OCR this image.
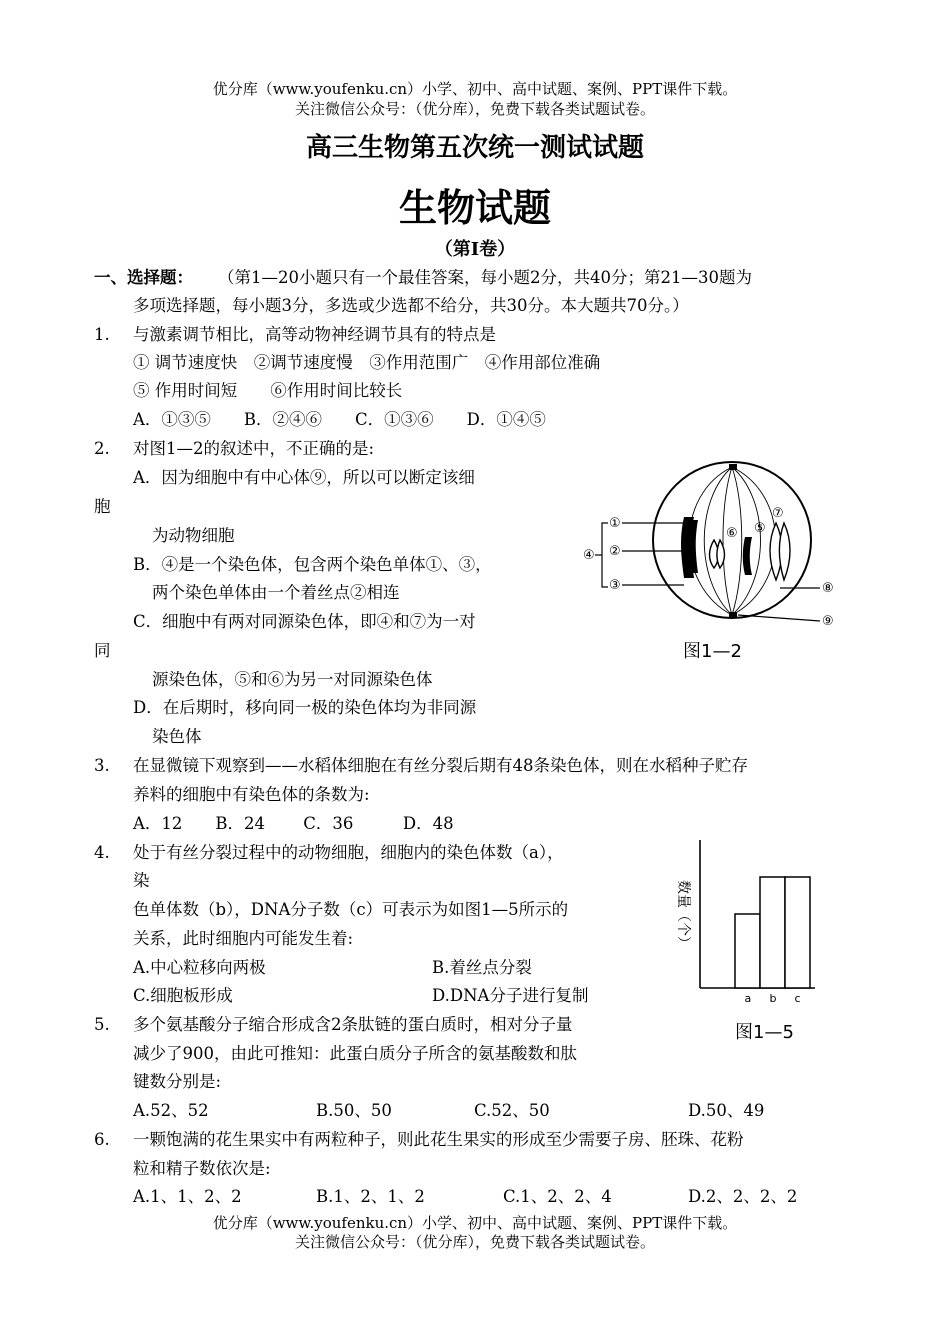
优分库（www.youfenku.cn）小学、初中、高中试题、案例、PPT课件下载。
关注微信公众号：（优分库），免费下载各类试题试卷。
高三生物第五次统一测试试题
生物试题
（第Ⅰ卷）
一、选择题： （第1—20小题只有一个最佳答案，每小题2分，共40分；第21—30题为
多项选择题，每小题3分，多选或少选都不给分，共30分。本大题共70分。）
1. 与激素调节相比，高等动物神经调节具有的特点是
① 调节速度快　②调节速度慢　③作用范围广　④作用部位准确
⑤ 作用时间短　　⑥作用时间比较长
A．①③⑤　　B．②④⑥　　C．①③⑥　　D．①④⑤
2. 对图1—2的叙述中，不正确的是:
A．因为细胞中有中心体⑨，所以可以断定该细
胞
为动物细胞
B．④是一个染色体，包含两个染色单体①、③，
两个染色单体由一个着丝点②相连
C．细胞中有两对同源染色体，即④和⑦为一对
同
源染色体，⑤和⑥为另一对同源染色体
D．在后期时，移向同一极的染色体均为非同源
染色体
①
②
③
④
⑤
⑥
⑦
⑧
⑨
图1—2
3. 在显微镜下观察到——水稻体细胞在有丝分裂后期有48条染色体，则在水稻种子贮存
养料的细胞中有染色体的条数为:
A．12　　B．24　　 C．36　　　D．48
4. 处于有丝分裂过程中的动物细胞，细胞内的染色体数（a），
染
色单体数（b），DNA分子数（c）可表示为如图1—5所示的
关系，此时细胞内可能发生着:
A.中心粒移向两极	B.着丝点分裂
C.细胞板形成	D.DNA分子进行复制	a b c
数量（个）
图1—5
5. 多个氨基酸分子缩合形成含2条肽链的蛋白质时，相对分子量
减少了900，由此可推知：此蛋白质分子所含的氨基酸数和肽
键数分别是:
A.52、52	B.50、50	C.52、50	D.50、49
6. 一颗饱满的花生果实中有两粒种子，则此花生果实的形成至少需要子房、胚珠、花粉
粒和精子数依次是:
A.1、1、2、2	B.1、2、1、2	C.1、2、2、4	D.2、2、2、2
优分库（www.youfenku.cn）小学、初中、高中试题、案例、PPT课件下载。
关注微信公众号：（优分库），免费下载各类试题试卷。
